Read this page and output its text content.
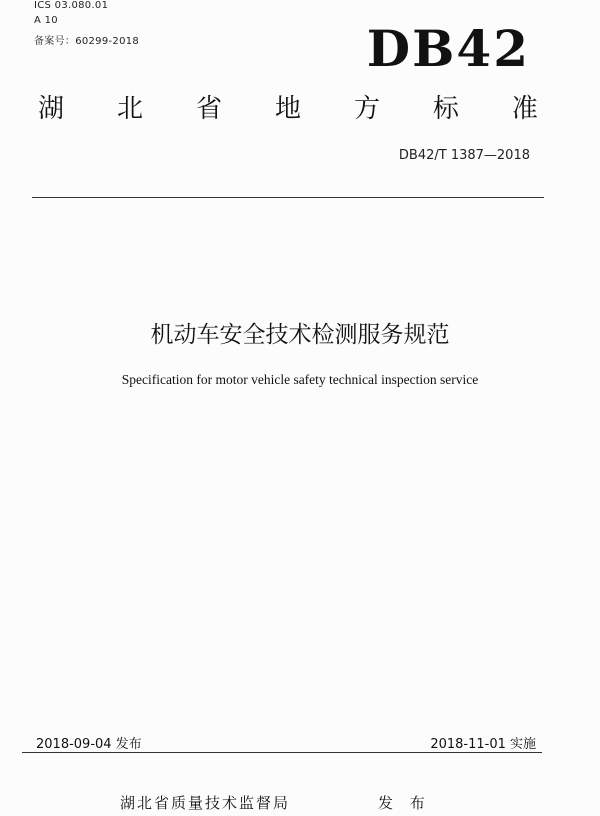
ICS 03.080.01
A 10
备案号：60299-2018	DB42
湖 北 省 地 方 标 准
DB42/T 1387—2018
机动车安全技术检测服务规范
Specification for motor vehicle safety technical inspection service
2018-09-04 发布	2018-11-01 实施
湖北省质量技术监督局	发 布
